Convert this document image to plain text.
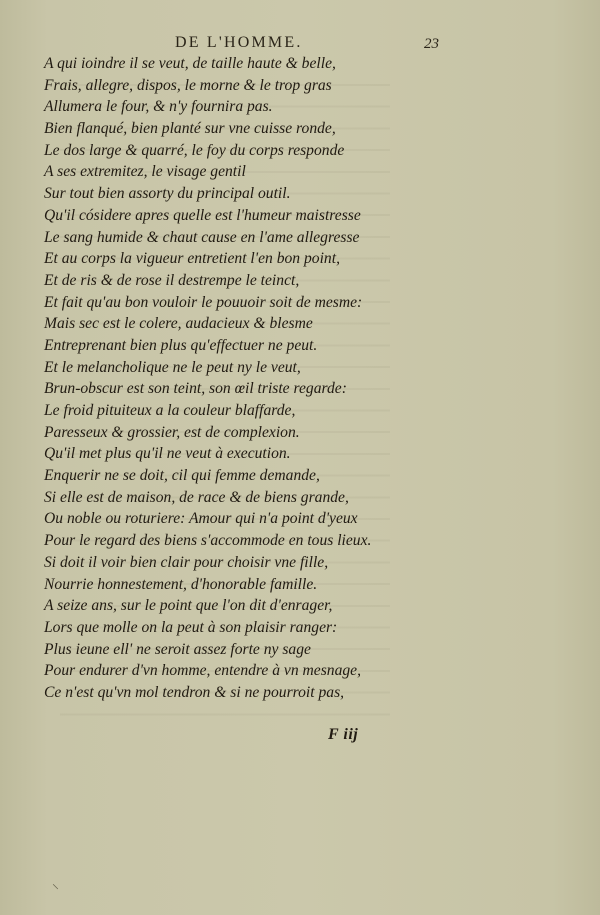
DE L'HOMME.	23
A qui ioindre il se veut, de taille haute & belle,
Frais, allegre, dispos, le morne & le trop gras
Allumera le four, & n'y fournira pas.
Bien flanqué, bien planté sur vne cuisse ronde,
Le dos large & quarré, le foy du corps responde
A ses extremitez, le visage gentil
Sur tout bien assorty du principal outil.
Qu'il cósidere apres quelle est l'humeur maistresse
Le sang humide & chaut cause en l'ame allegresse
Et au corps la vigueur entretient l'en bon point,
Et de ris & de rose il destrempe le teinct,
Et fait qu'au bon vouloir le pouuoir soit de mesme:
Mais sec est le colere, audacieux & blesme
Entreprenant bien plus qu'effectuer ne peut.
Et le melancholique ne le peut ny le veut,
Brun-obscur est son teint, son œil triste regarde:
Le froid pituiteux a la couleur blaffarde,
Paresseux & grossier, est de complexion.
Qu'il met plus qu'il ne veut à execution.
Enquerir ne se doit, cil qui femme demande,
Si elle est de maison, de race & de biens grande,
Ou noble ou roturiere: Amour qui n'a point d'yeux
Pour le regard des biens s'accommode en tous lieux.
Si doit il voir bien clair pour choisir vne fille,
Nourrie honnestement, d'honorable famille.
A seize ans, sur le point que l'on dit d'enrager,
Lors que molle on la peut à son plaisir ranger:
Plus ieune ell' ne seroit assez forte ny sage
Pour endurer d'vn homme, entendre à vn mesnage,
Ce n'est qu'vn mol tendron & si ne pourroit pas,
F iij
⸌
